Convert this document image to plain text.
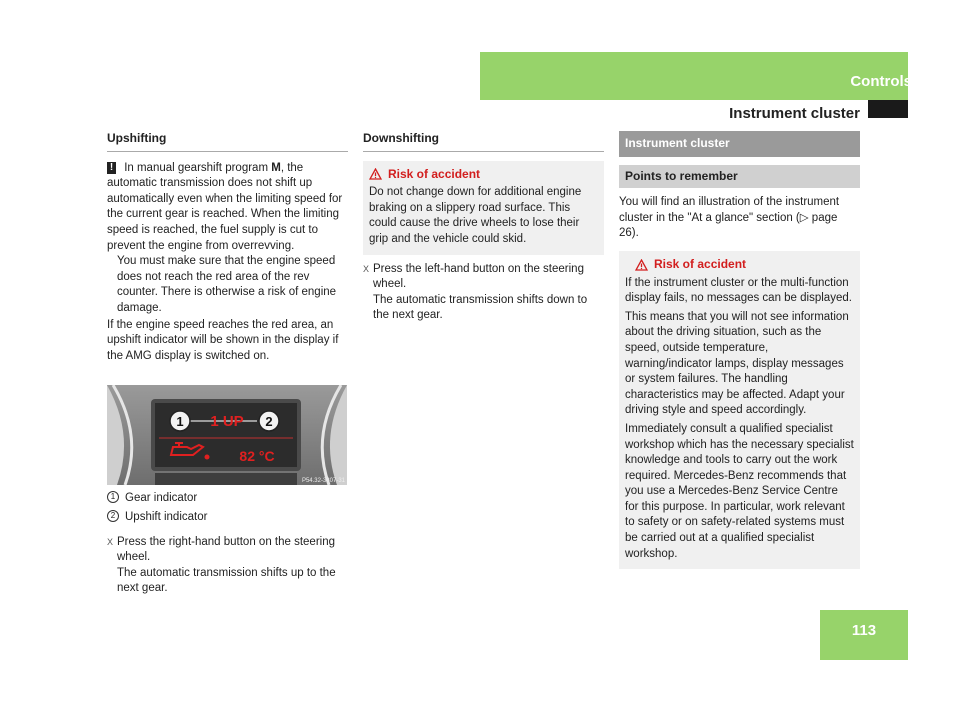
Controls
Instrument cluster
Upshifting

! In manual gearshift program M, the automatic transmission does not shift up automatically even when the limiting speed for the current gear is reached. When the limiting speed is reached, the fuel supply is cut to prevent the engine from overrevving.

You must make sure that the engine speed does not reach the red area of the rev counter. There is otherwise a risk of engine damage.

If the engine speed reaches the red area, an upshift indicator will be shown in the display if the AMG display is switched on.

1 1 UP 2
82 °C
P54.32-3807-31
1 Gear indicator
2 Upshift indicator
X Press the right-hand button on the steering wheel.

The automatic transmission shifts up to the next gear.

Downshifting
Risk of accident

Do not change down for additional engine braking on a slippery road surface. This could cause the drive wheels to lose their grip and the vehicle could skid.

X Press the left-hand button on the steering wheel.

The automatic transmission shifts down to the next gear.

Instrument cluster
Points to remember

You will find an illustration of the instrument cluster in the "At a glance" section (▷ page 26).

Risk of accident

If the instrument cluster or the multi-function display fails, no messages can be displayed.

This means that you will not see information about the driving situation, such as the speed, outside temperature, warning/indicator lamps, display messages or system failures. The handling characteristics may be affected. Adapt your driving style and speed accordingly.

Immediately consult a qualified specialist workshop which has the necessary specialist knowledge and tools to carry out the work required. Mercedes-Benz recommends that you use a Mercedes-Benz Service Centre for this purpose. In particular, work relevant to safety or on safety-related systems must be carried out at a qualified specialist workshop.

113
